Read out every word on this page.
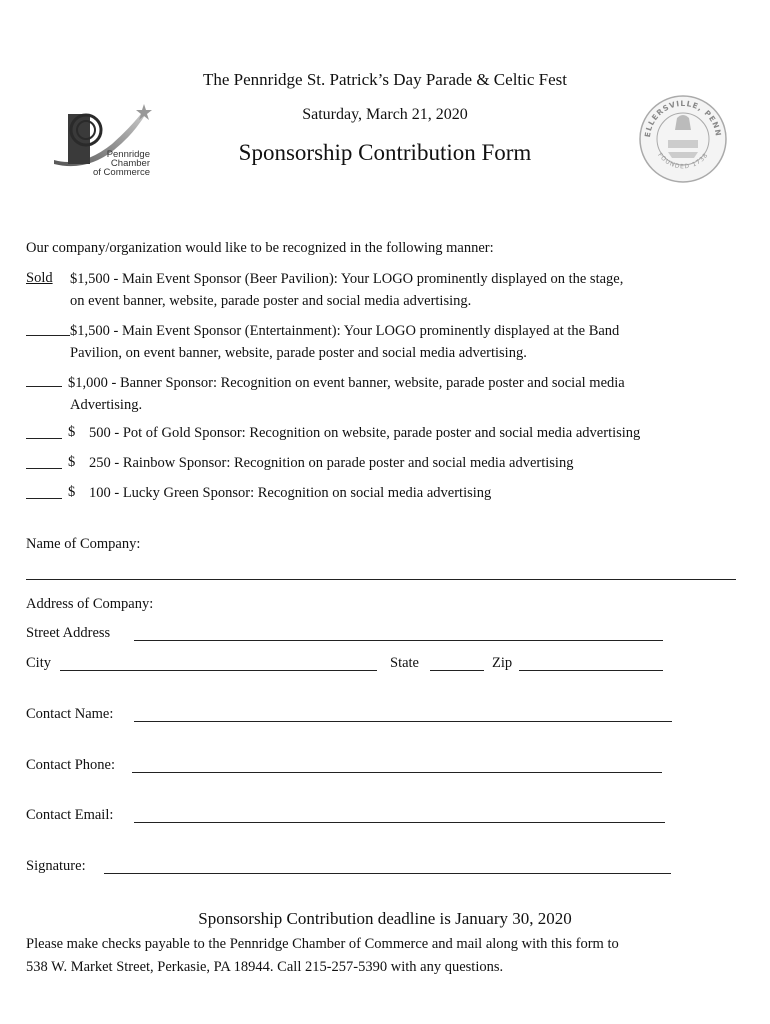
The Pennridge St. Patrick’s Day Parade & Celtic Fest
Saturday, March 21, 2020
Sponsorship Contribution Form
Pennridge
Chamber
of Commerce
ELLERSVILLE, PENN
FOUNDED 1738
Our company/organization would like to be recognized in the following manner:
Sold $1,500 - Main Event Sponsor (Beer Pavilion): Your LOGO prominently displayed on the stage,
on event banner, website, parade poster and social media advertising.
$1,500 - Main Event Sponsor (Entertainment): Your LOGO prominently displayed at the Band
Pavilion, on event banner, website, parade poster and social media advertising.
$1,000 - Banner Sponsor: Recognition on event banner, website, parade poster and social media
Advertising.
$ 500 - Pot of Gold Sponsor: Recognition on website, parade poster and social media advertising
$ 250 - Rainbow Sponsor: Recognition on parade poster and social media advertising
$ 100 - Lucky Green Sponsor: Recognition on social media advertising
Name of Company:
Address of Company:
Street Address
City	State	Zip
Contact Name:
Contact Phone:
Contact Email:
Signature:
Sponsorship Contribution deadline is January 30, 2020
Please make checks payable to the Pennridge Chamber of Commerce and mail along with this form to
538 W. Market Street, Perkasie, PA 18944. Call 215-257-5390 with any questions.
